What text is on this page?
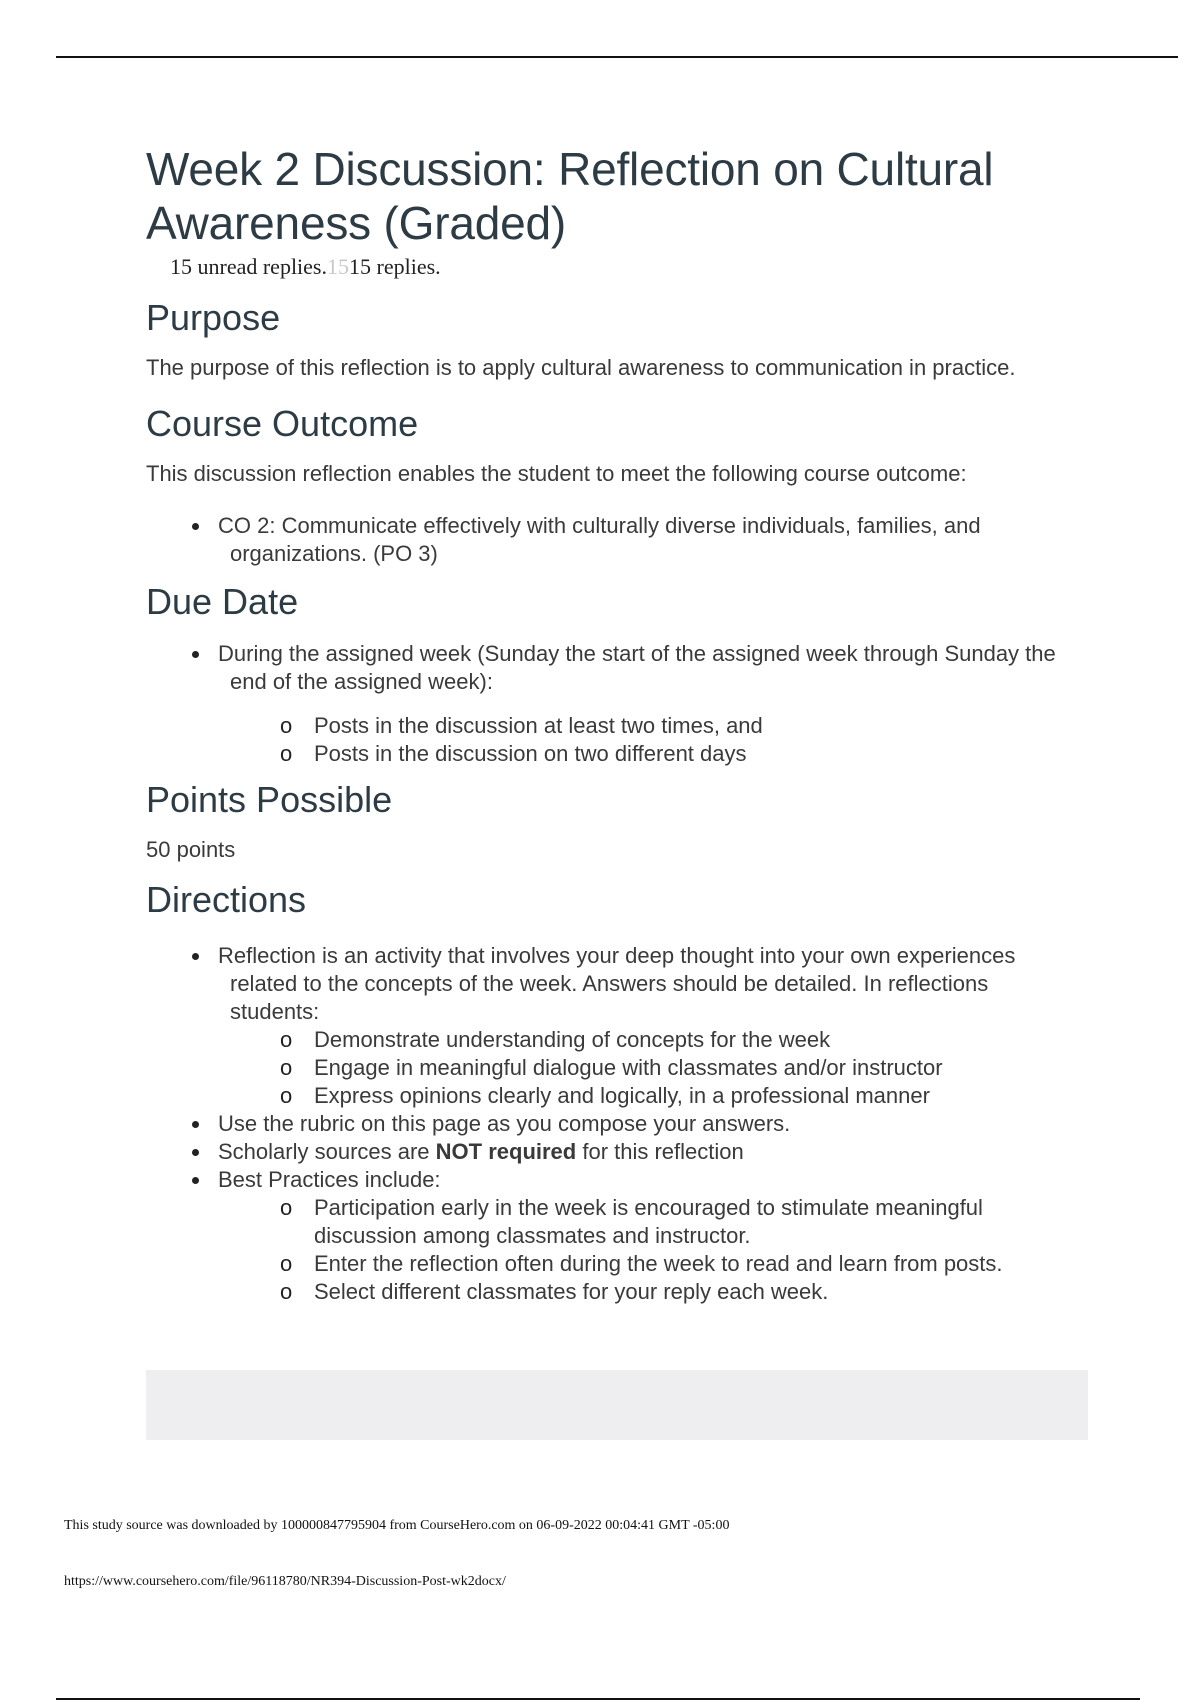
Week 2 Discussion: Reflection on Cultural Awareness (Graded)
15 unread replies.1515 replies.
Purpose

The purpose of this reflection is to apply cultural awareness to communication in practice.

Course Outcome

This discussion reflection enables the student to meet the following course outcome:

CO 2: Communicate effectively with culturally diverse individuals, families, and organizations. (PO 3)
Due Date
During the assigned week (Sunday the start of the assigned week through Sunday the end of the assigned week):
o Posts in the discussion at least two times, and
o Posts in the discussion on two different days
Points Possible

50 points

Directions
Reflection is an activity that involves your deep thought into your own experiences related to the concepts of the week. Answers should be detailed. In reflections students:
o Demonstrate understanding of concepts for the week
o Engage in meaningful dialogue with classmates and/or instructor
o Express opinions clearly and logically, in a professional manner
Use the rubric on this page as you compose your answers.
Scholarly sources are NOT required for this reflection
Best Practices include:
o Participation early in the week is encouraged to stimulate meaningful discussion among classmates and instructor.
o Enter the reflection often during the week to read and learn from posts.
o Select different classmates for your reply each week.
This study source was downloaded by 100000847795904 from CourseHero.com on 06-09-2022 00:04:41 GMT -05:00
https://www.coursehero.com/file/96118780/NR394-Discussion-Post-wk2docx/
